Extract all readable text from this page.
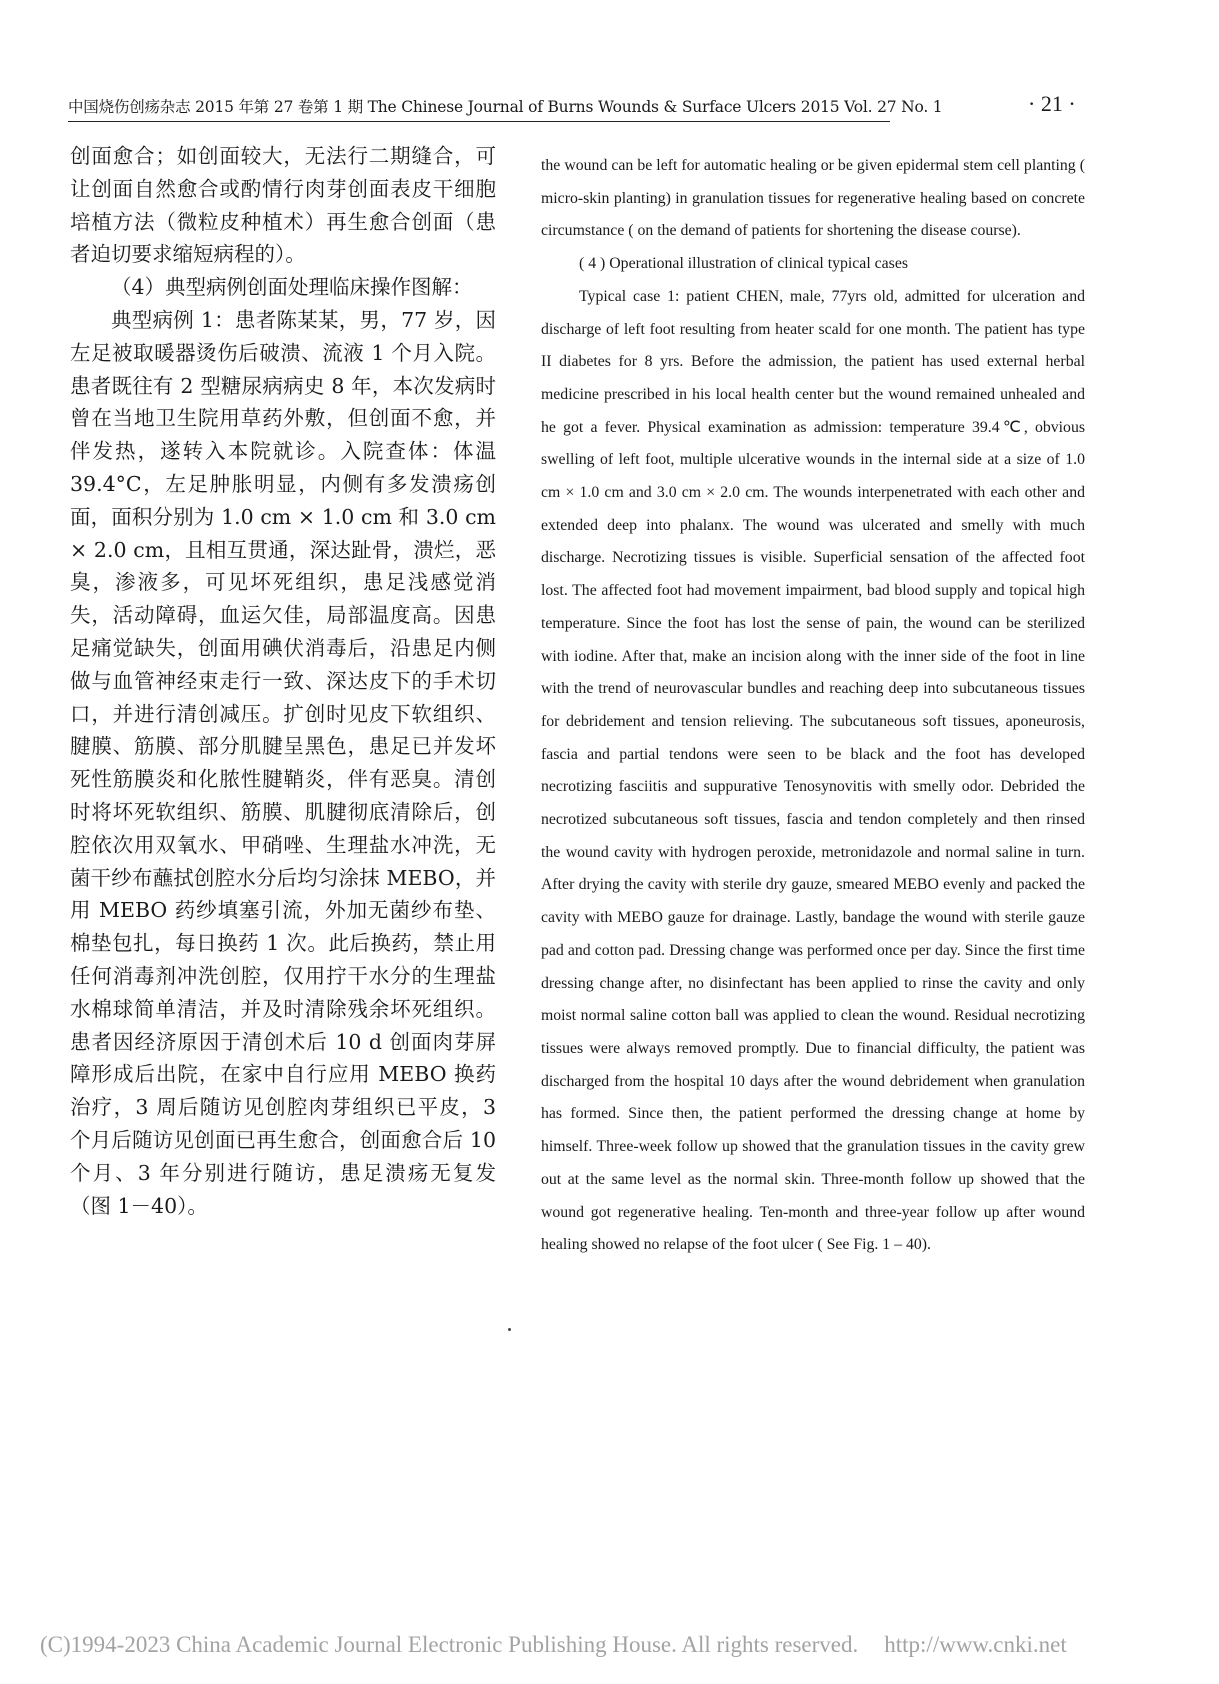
中国烧伤创疡杂志 2015 年第 27 卷第 1 期 The Chinese Journal of Burns Wounds & Surface Ulcers 2015 Vol. 27 No. 1	· 21 ·

创面愈合；如创面较大，无法行二期缝合，可让创面自然愈合或酌情行肉芽创面表皮干细胞培植方法（微粒皮种植术）再生愈合创面（患者迫切要求缩短病程的）。

（4）典型病例创面处理临床操作图解：

典型病例 1：患者陈某某，男，77 岁，因左足被取暖器烫伤后破溃、流液 1 个月入院。患者既往有 2 型糖尿病病史 8 年，本次发病时曾在当地卫生院用草药外敷，但创面不愈，并伴发热，遂转入本院就诊。入院查体：体温 39.4°C，左足肿胀明显，内侧有多发溃疡创面，面积分别为 1.0 cm × 1.0 cm 和 3.0 cm × 2.0 cm，且相互贯通，深达趾骨，溃烂，恶臭，渗液多，可见坏死组织，患足浅感觉消失，活动障碍，血运欠佳，局部温度高。因患足痛觉缺失，创面用碘伏消毒后，沿患足内侧做与血管神经束走行一致、深达皮下的手术切口，并进行清创减压。扩创时见皮下软组织、腱膜、筋膜、部分肌腱呈黑色，患足已并发坏死性筋膜炎和化脓性腱鞘炎，伴有恶臭。清创时将坏死软组织、筋膜、肌腱彻底清除后，创腔依次用双氧水、甲硝唑、生理盐水冲洗，无菌干纱布蘸拭创腔水分后均匀涂抹 MEBO，并用 MEBO 药纱填塞引流，外加无菌纱布垫、棉垫包扎，每日换药 1 次。此后换药，禁止用任何消毒剂冲洗创腔，仅用拧干水分的生理盐水棉球简单清洁，并及时清除残余坏死组织。患者因经济原因于清创术后 10 d 创面肉芽屏障形成后出院，在家中自行应用 MEBO 换药治疗，3 周后随访见创腔肉芽组织已平皮，3 个月后随访见创面已再生愈合，创面愈合后 10 个月、3 年分别进行随访，患足溃疡无复发（图 1－40）。

the wound can be left for automatic healing or be given epidermal stem cell planting ( micro-skin planting) in granulation tissues for regenerative healing based on concrete circumstance ( on the demand of patients for shortening the disease course).

( 4 ) Operational illustration of clinical typical cases

Typical case 1: patient CHEN, male, 77yrs old, admitted for ulceration and discharge of left foot resulting from heater scald for one month. The patient has type II diabetes for 8 yrs. Before the admission, the patient has used external herbal medicine prescribed in his local health center but the wound remained unhealed and he got a fever. Physical examination as admission: temperature 39.4℃, obvious swelling of left foot, multiple ulcerative wounds in the internal side at a size of 1.0 cm × 1.0 cm and 3.0 cm × 2.0 cm. The wounds interpenetrated with each other and extended deep into phalanx. The wound was ulcerated and smelly with much discharge. Necrotizing tissues is visible. Superficial sensation of the affected foot lost. The affected foot had movement impairment, bad blood supply and topical high temperature. Since the foot has lost the sense of pain, the wound can be sterilized with iodine. After that, make an incision along with the inner side of the foot in line with the trend of neurovascular bundles and reaching deep into subcutaneous tissues for debridement and tension relieving. The subcutaneous soft tissues, aponeurosis, fascia and partial tendons were seen to be black and the foot has developed necrotizing fasciitis and suppurative Tenosynovitis with smelly odor. Debrided the necrotized subcutaneous soft tissues, fascia and tendon completely and then rinsed the wound cavity with hydrogen peroxide, metronidazole and normal saline in turn. After drying the cavity with sterile dry gauze, smeared MEBO evenly and packed the cavity with MEBO gauze for drainage. Lastly, bandage the wound with sterile gauze pad and cotton pad. Dressing change was performed once per day. Since the first time dressing change after, no disinfectant has been applied to rinse the cavity and only moist normal saline cotton ball was applied to clean the wound. Residual necrotizing tissues were always removed promptly. Due to financial difficulty, the patient was discharged from the hospital 10 days after the wound debridement when granulation has formed. Since then, the patient performed the dressing change at home by himself. Three-week follow up showed that the granulation tissues in the cavity grew out at the same level as the normal skin. Three-month follow up showed that the wound got regenerative healing. Ten-month and three-year follow up after wound healing showed no relapse of the foot ulcer ( See Fig. 1 – 40).

(C)1994-2023 China Academic Journal Electronic Publishing House. All rights reserved. http://www.cnki.net
